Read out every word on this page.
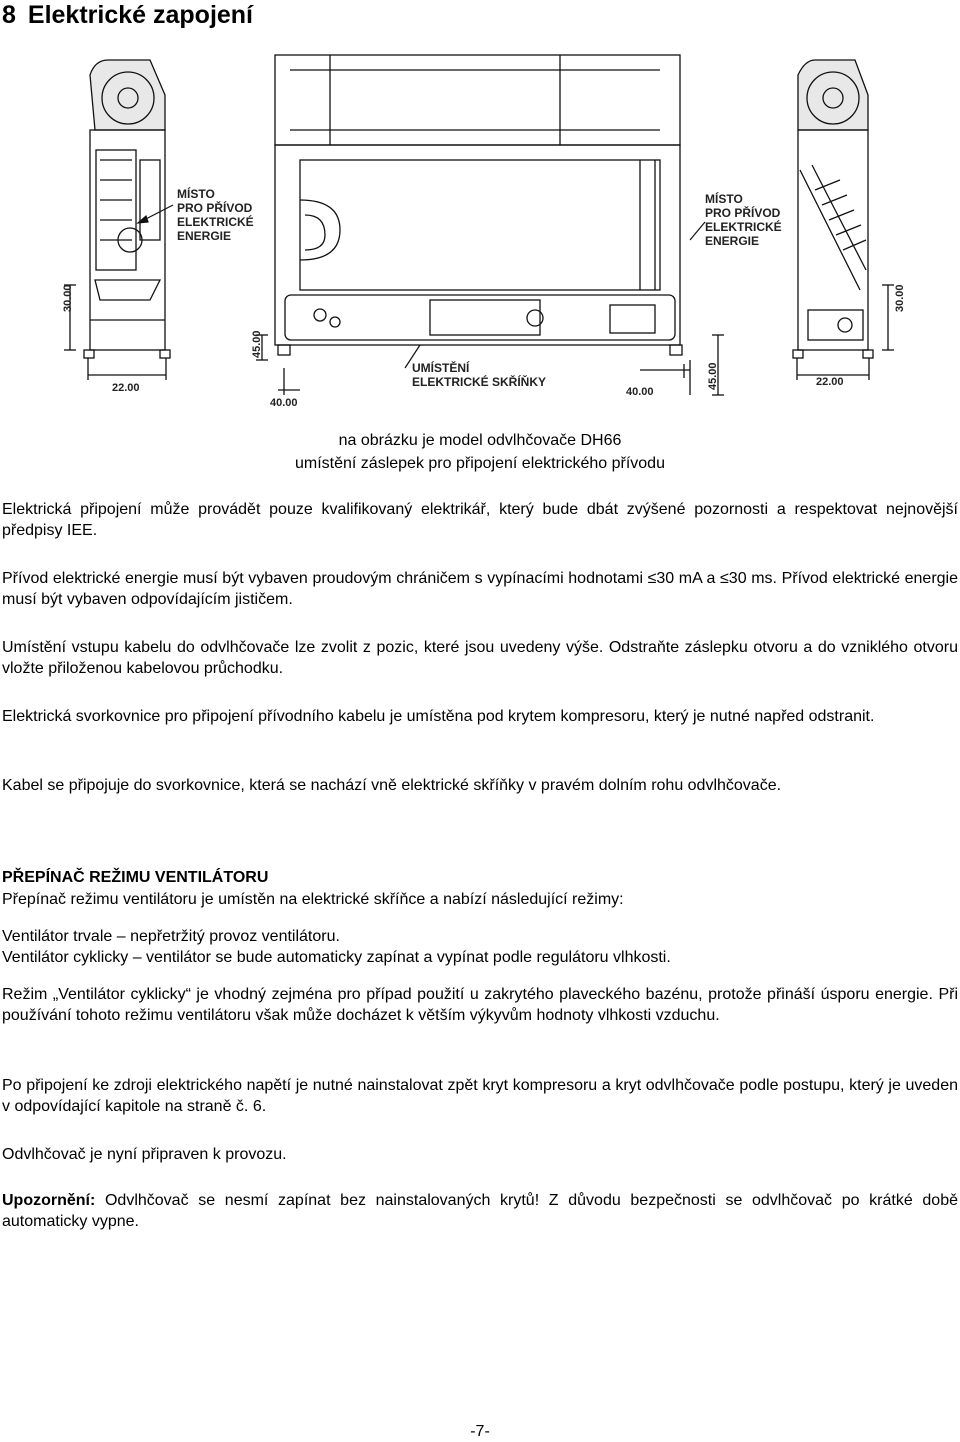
8 Elektrické zapojení
MÍSTO
PRO PŘÍVOD
ELEKTRICKÉ
ENERGIE
MÍSTO
PRO PŘÍVOD
ELEKTRICKÉ
ENERGIE
UMÍSTĚNÍ
ELEKTRICKÉ SKŘÍŇKY
22.00
40.00
40.00
22.00
30.00
45.00
45.00
30.00

na obrázku je model odvlhčovače DH66

umístění záslepek pro připojení elektrického přívodu

Elektrická připojení může provádět pouze kvalifikovaný elektrikář, který bude dbát zvýšené pozornosti a respektovat nejnovější předpisy IEE.

Přívod elektrické energie musí být vybaven proudovým chráničem s vypínacími hodnotami ≤30 mA a ≤30 ms. Přívod elektrické energie musí být vybaven odpovídajícím jističem.

Umístění vstupu kabelu do odvlhčovače lze zvolit z pozic, které jsou uvedeny výše. Odstraňte záslepku otvoru a do vzniklého otvoru vložte přiloženou kabelovou průchodku.

Elektrická svorkovnice pro připojení přívodního kabelu je umístěna pod krytem kompresoru, který je nutné napřed odstranit.

Kabel se připojuje do svorkovnice, která se nachází vně elektrické skříňky v pravém dolním rohu odvlhčovače.

PŘEPÍNAČ REŽIMU VENTILÁTORU

Přepínač režimu ventilátoru je umístěn na elektrické skříňce a nabízí následující režimy:

Ventilátor trvale – nepřetržitý provoz ventilátoru.

Ventilátor cyklicky – ventilátor se bude automaticky zapínat a vypínat podle regulátoru vlhkosti.

Režim „Ventilátor cyklicky“ je vhodný zejména pro případ použití u zakrytého plaveckého bazénu, protože přináší úsporu energie. Při používání tohoto režimu ventilátoru však může docházet k větším výkyvům hodnoty vlhkosti vzduchu.

Po připojení ke zdroji elektrického napětí je nutné nainstalovat zpět kryt kompresoru a kryt odvlhčovače podle postupu, který je uveden v odpovídající kapitole na straně č. 6.

Odvlhčovač je nyní připraven k provozu.

Upozornění: Odvlhčovač se nesmí zapínat bez nainstalovaných krytů! Z důvodu bezpečnosti se odvlhčovač po krátké době automaticky vypne.

-7-
